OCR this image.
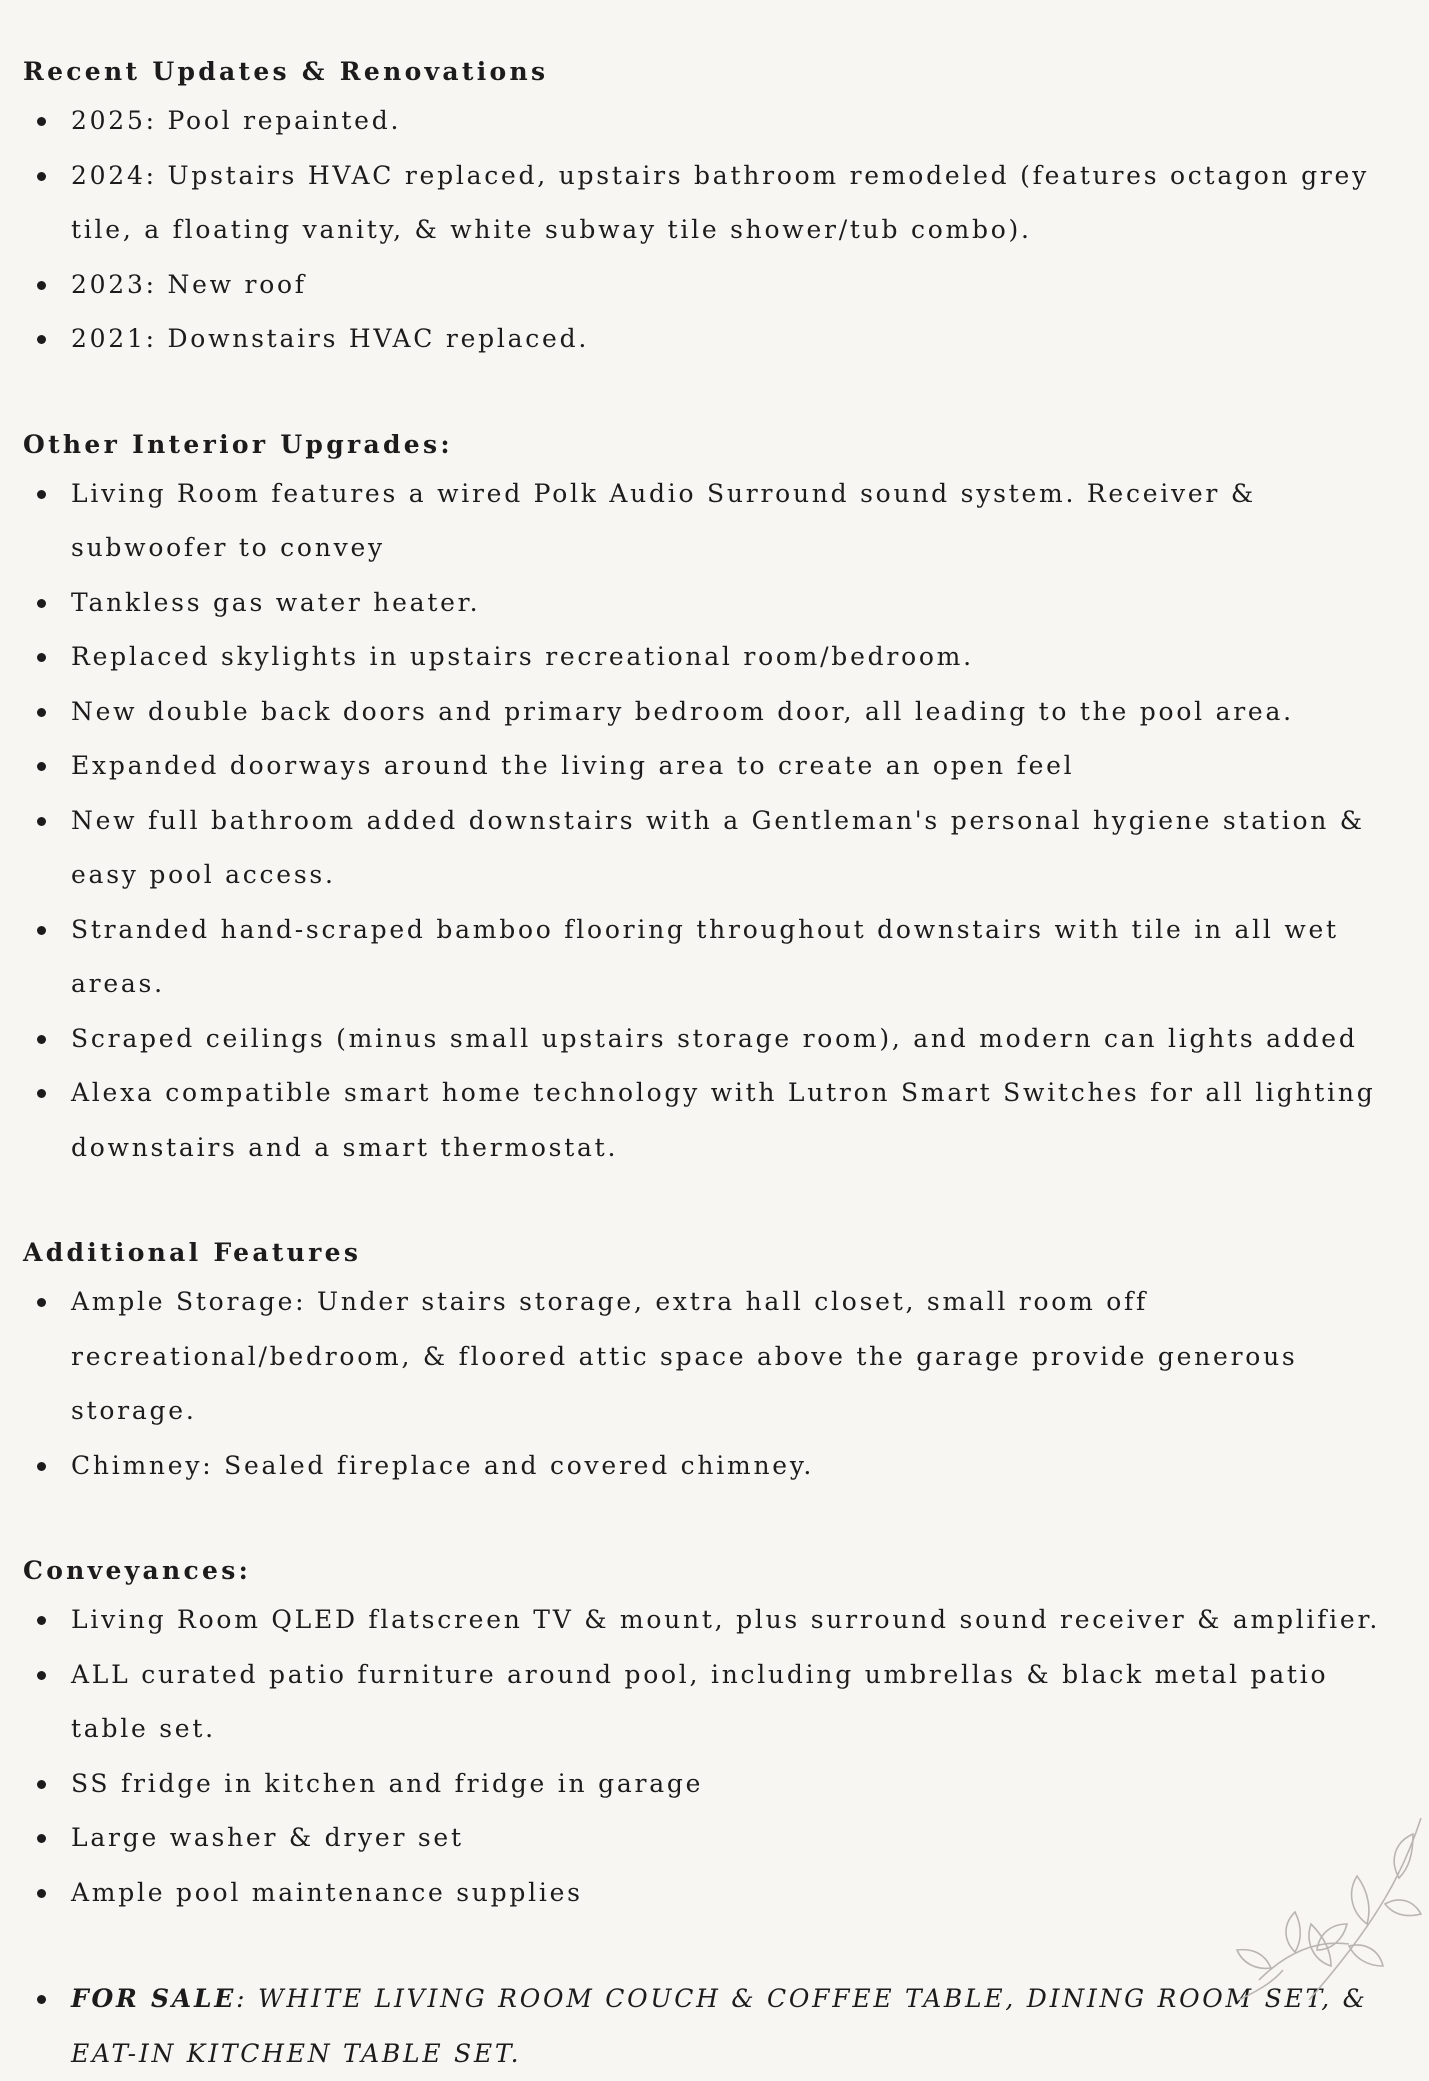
Recent Updates & Renovations
2025: Pool repainted.
2024: Upstairs HVAC replaced, upstairs bathroom remodeled (features octagon grey tile, a floating vanity, & white subway tile shower/tub combo).
2023: New roof
2021: Downstairs HVAC replaced.
Other Interior Upgrades:
Living Room features a wired Polk Audio Surround sound system. Receiver & subwoofer to convey
Tankless gas water heater.
Replaced skylights in upstairs recreational room/bedroom.
New double back doors and primary bedroom door, all leading to the pool area.
Expanded doorways around the living area to create an open feel
New full bathroom added downstairs with a Gentleman's personal hygiene station & easy pool access.
Stranded hand-scraped bamboo flooring throughout downstairs with tile in all wet areas.
Scraped ceilings (minus small upstairs storage room), and modern can lights added
Alexa compatible smart home technology with Lutron Smart Switches for all lighting downstairs and a smart thermostat.
Additional Features
Ample Storage: Under stairs storage, extra hall closet, small room off recreational/bedroom, & floored attic space above the garage provide generous storage.
Chimney: Sealed fireplace and covered chimney.
Conveyances:
Living Room QLED flatscreen TV & mount, plus surround sound receiver & amplifier.
ALL curated patio furniture around pool, including umbrellas & black metal patio table set.
SS fridge in kitchen and fridge in garage
Large washer & dryer set
Ample pool maintenance supplies
FOR SALE: WHITE LIVING ROOM COUCH & COFFEE TABLE, DINING ROOM SET, & EAT-IN KITCHEN TABLE SET.
